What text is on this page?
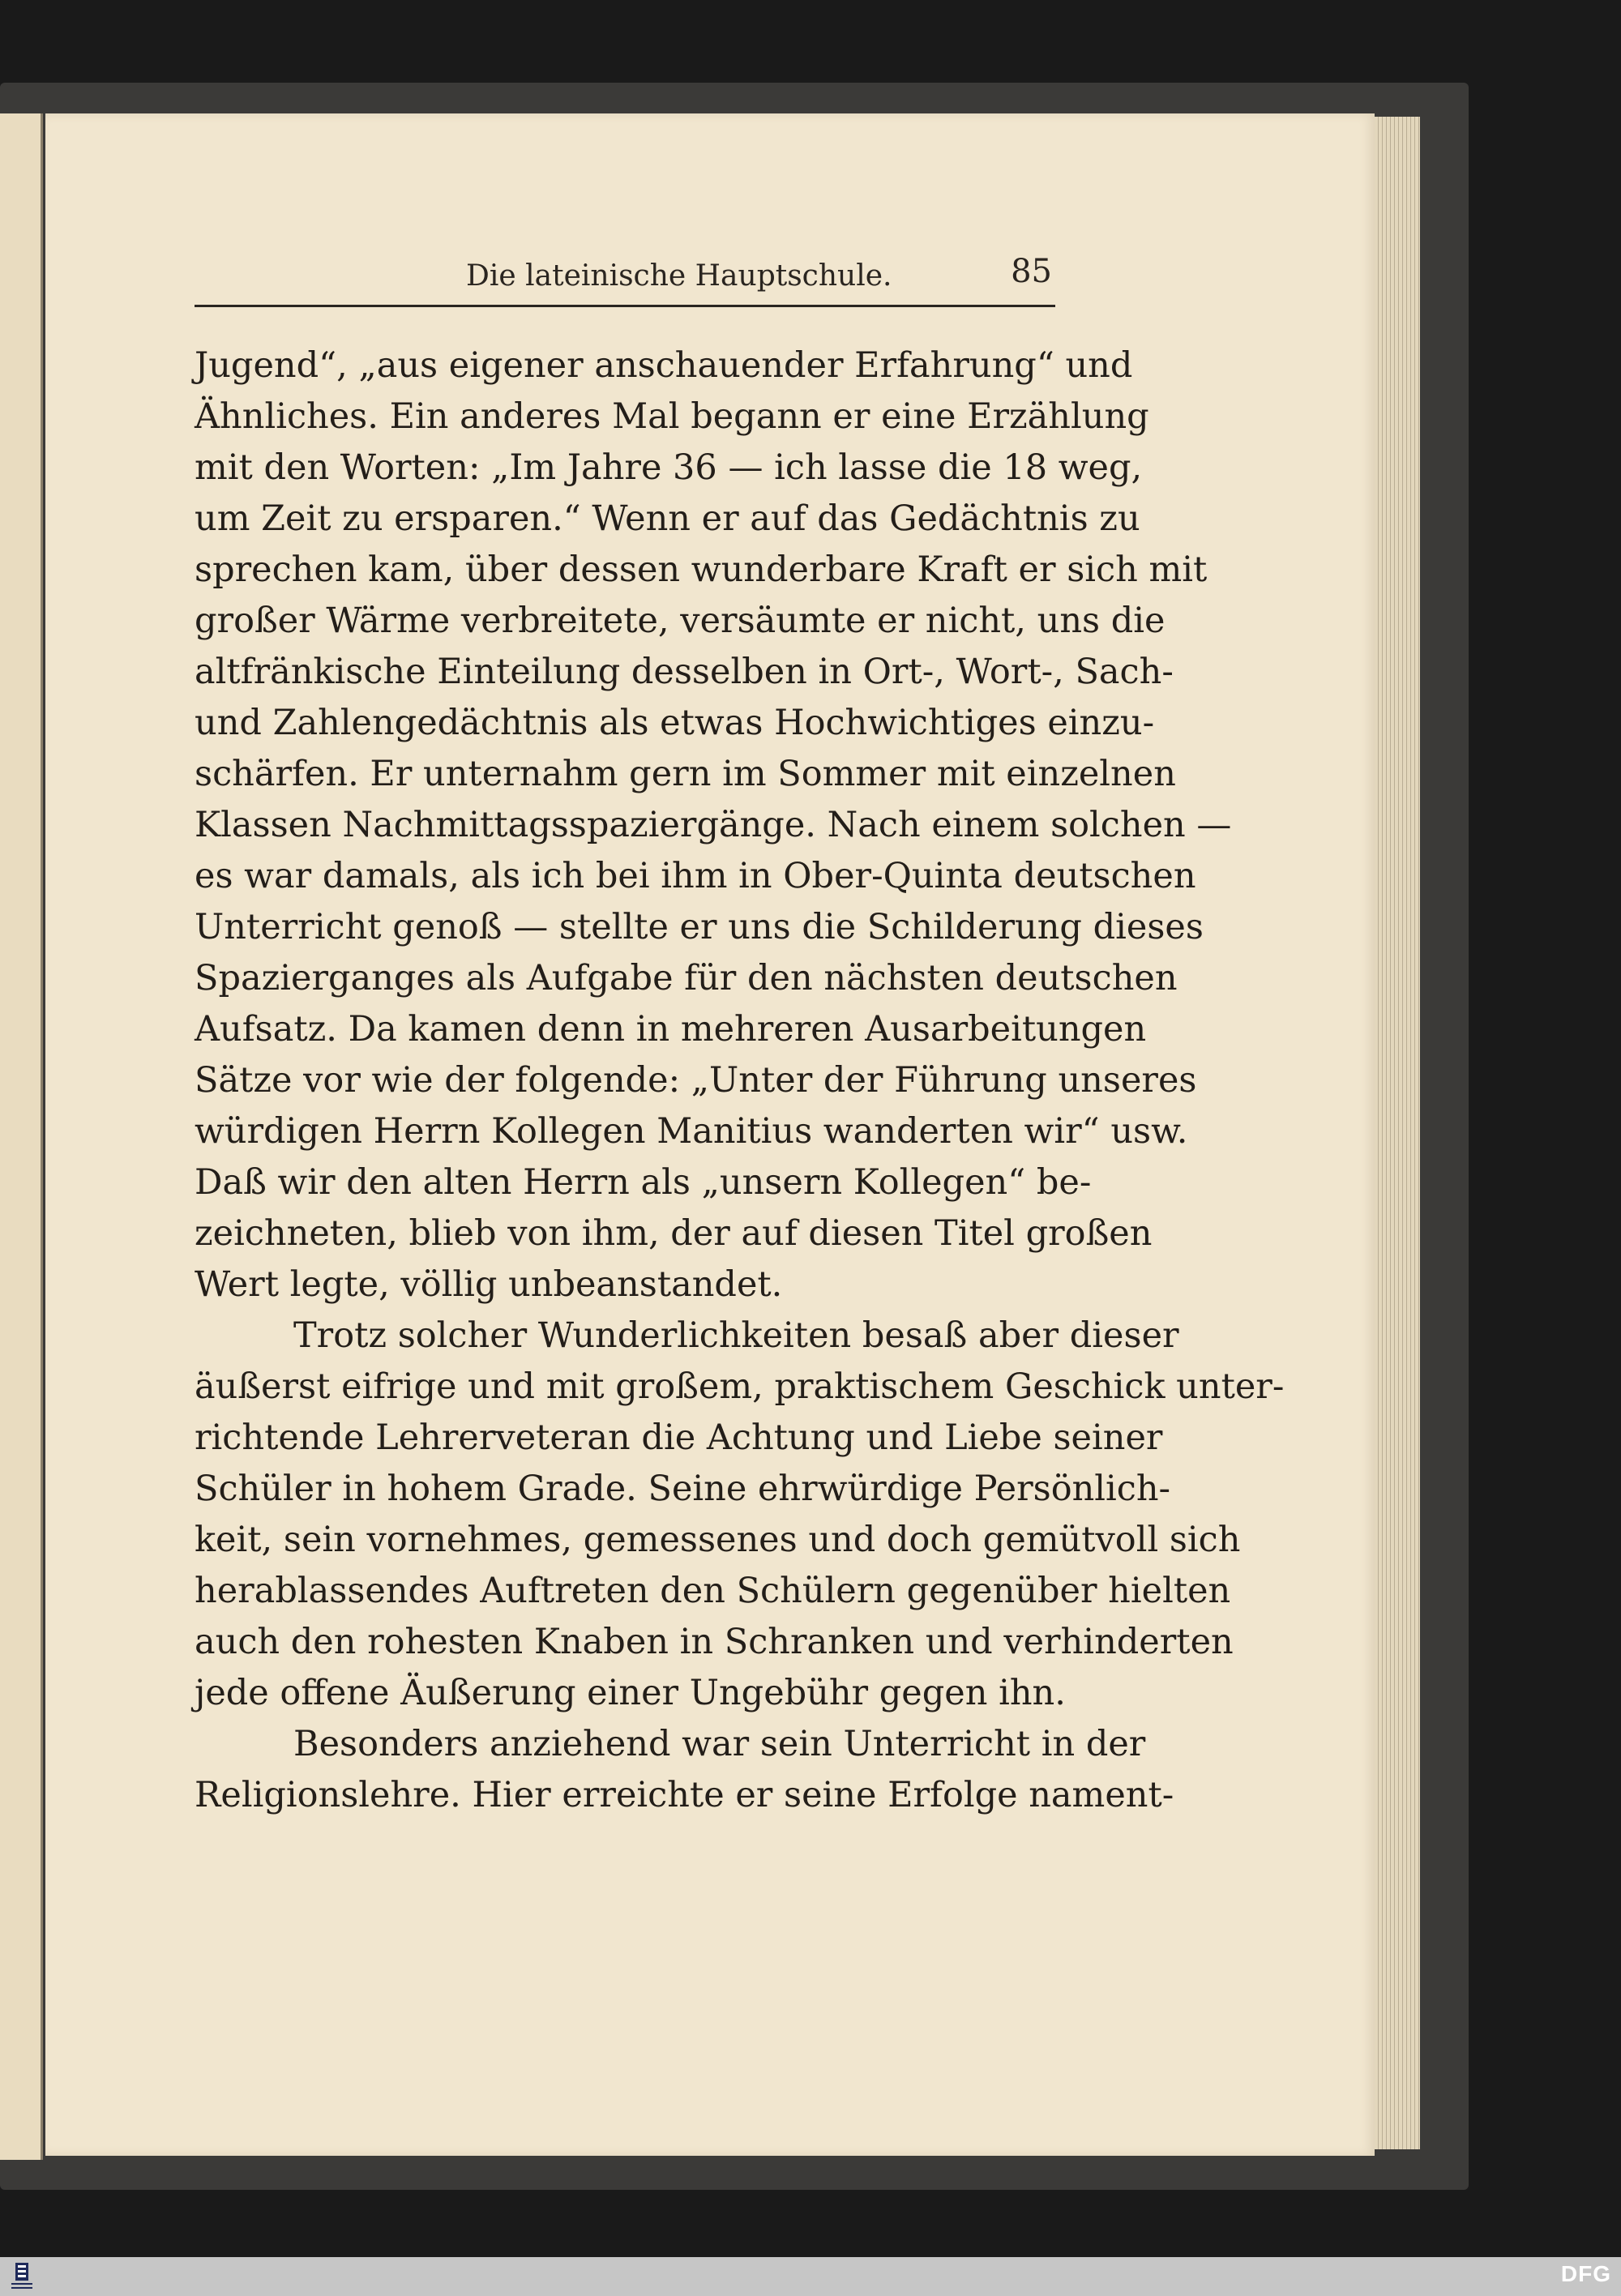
Die lateinische Hauptschule.	85
Jugend“, „aus eigener anschauender Erfahrung“ und
Ähnliches. Ein anderes Mal begann er eine Erzählung
mit den Worten: „Im Jahre 36 — ich lasse die 18 weg,
um Zeit zu ersparen.“ Wenn er auf das Gedächtnis zu
sprechen kam, über dessen wunderbare Kraft er sich mit
großer Wärme verbreitete, versäumte er nicht, uns die
altfränkische Einteilung desselben in Ort-, Wort-, Sach-
und Zahlengedächtnis als etwas Hochwichtiges einzu-
schärfen. Er unternahm gern im Sommer mit einzelnen
Klassen Nachmittagsspaziergänge. Nach einem solchen —
es war damals, als ich bei ihm in Ober-Quinta deutschen
Unterricht genoß — stellte er uns die Schilderung dieses
Spazierganges als Aufgabe für den nächsten deutschen
Aufsatz. Da kamen denn in mehreren Ausarbeitungen
Sätze vor wie der folgende: „Unter der Führung unseres
würdigen Herrn Kollegen Manitius wanderten wir“ usw.
Daß wir den alten Herrn als „unsern Kollegen“ be-
zeichneten, blieb von ihm, der auf diesen Titel großen
Wert legte, völlig unbeanstandet.
Trotz solcher Wunderlichkeiten besaß aber dieser
äußerst eifrige und mit großem, praktischem Geschick unter-
richtende Lehrerveteran die Achtung und Liebe seiner
Schüler in hohem Grade. Seine ehrwürdige Persönlich-
keit, sein vornehmes, gemessenes und doch gemütvoll sich
herablassendes Auftreten den Schülern gegenüber hielten
auch den rohesten Knaben in Schranken und verhinderten
jede offene Äußerung einer Ungebühr gegen ihn.
Besonders anziehend war sein Unterricht in der
Religionslehre. Hier erreichte er seine Erfolge nament-
DFG
